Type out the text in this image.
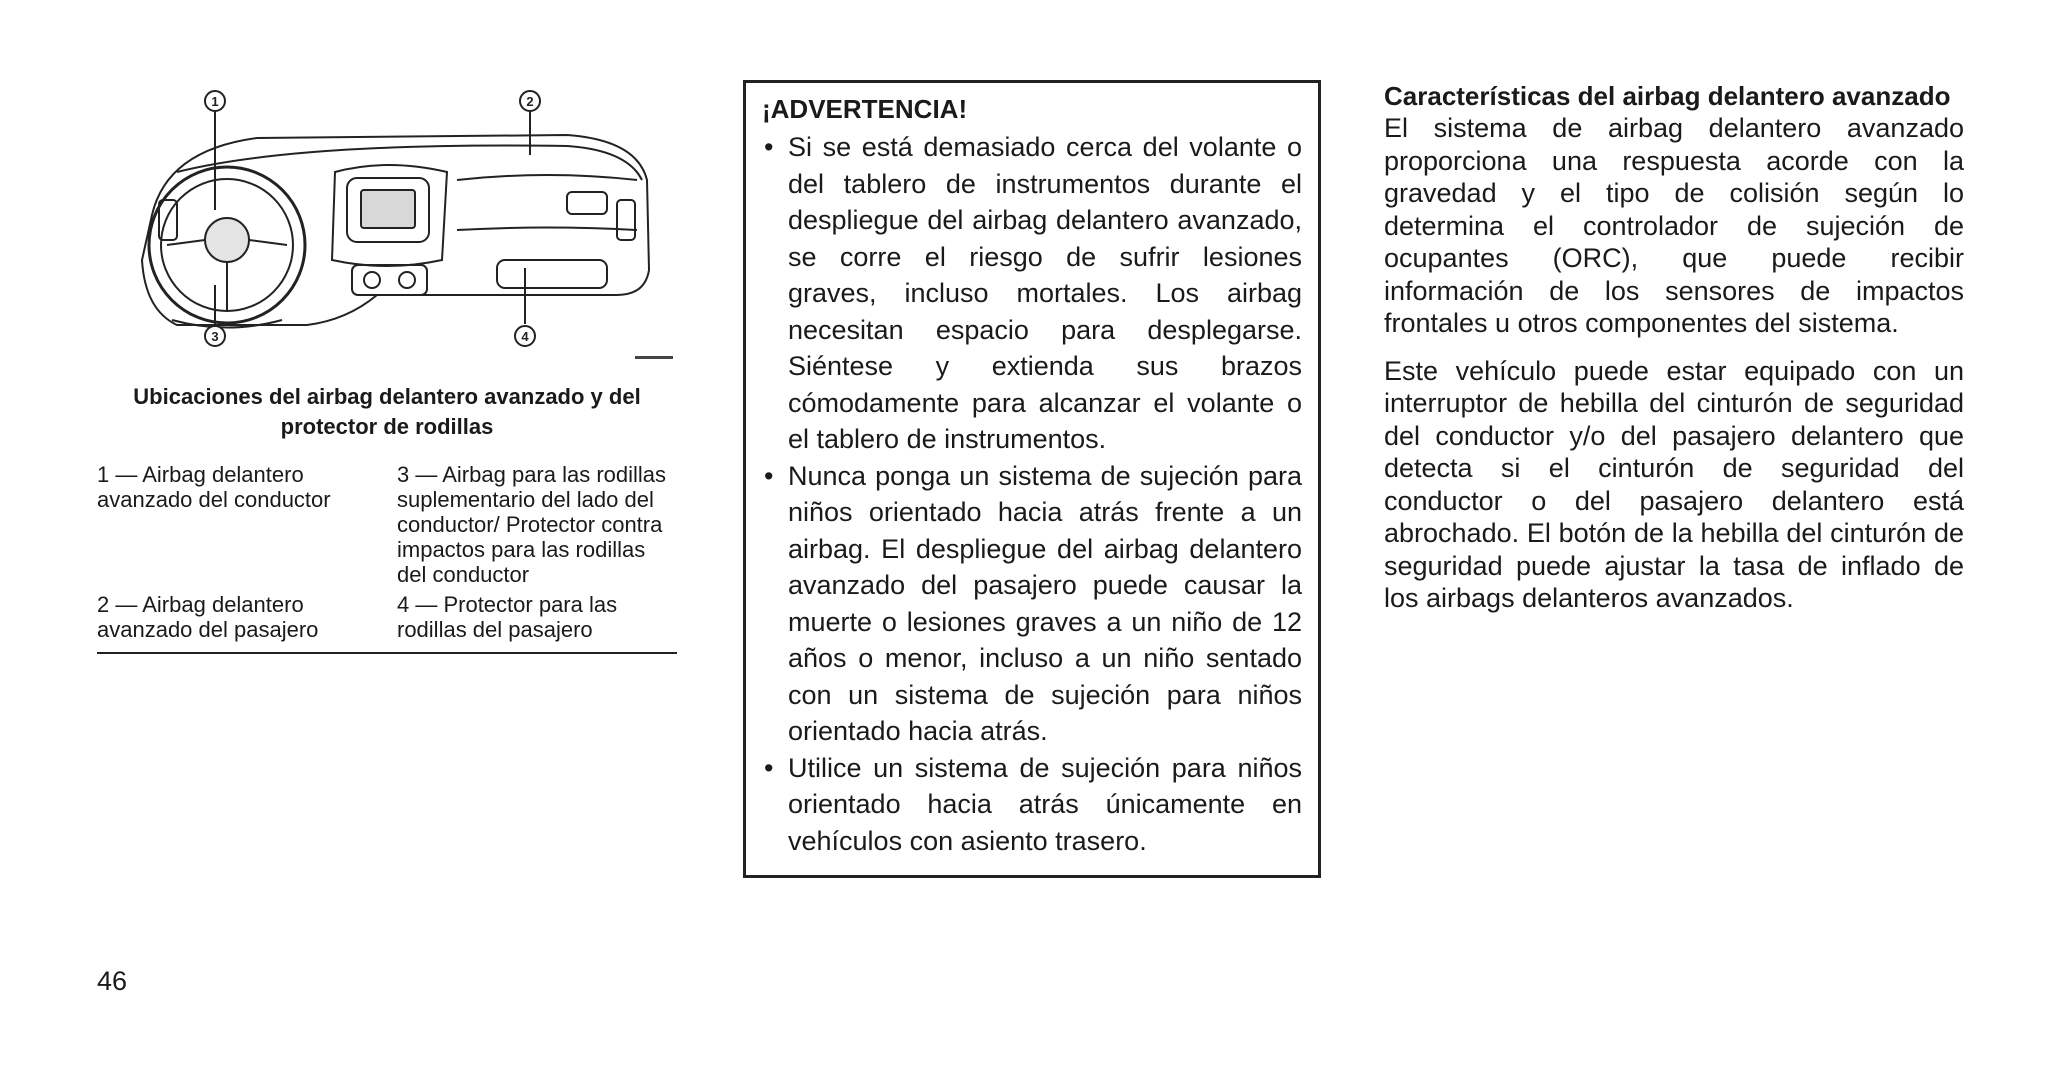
1	2
3	4
Ubicaciones del airbag delantero avanzado y del protector de rodillas
1 — Airbag delantero avanzado del conductor
3 — Airbag para las rodillas suplementario del lado del conductor/ Protector contra impactos para las rodillas del conductor
2 — Airbag delantero avanzado del pasajero
4 — Protector para las rodillas del pasajero
¡ADVERTENCIA!
• Si se está demasiado cerca del volante o del tablero de instrumentos durante el despliegue del airbag delantero avanzado, se corre el riesgo de sufrir lesiones graves, incluso mortales. Los airbag necesitan espacio para desplegarse. Siéntese y extienda sus brazos cómodamente para alcanzar el volante o el tablero de instrumentos.
• Nunca ponga un sistema de sujeción para niños orientado hacia atrás frente a un airbag. El despliegue del airbag delantero avanzado del pasajero puede causar la muerte o lesiones graves a un niño de 12 años o menor, incluso a un niño sentado con un sistema de sujeción para niños orientado hacia atrás.
• Utilice un sistema de sujeción para niños orientado hacia atrás únicamente en vehículos con asiento trasero.
Características del airbag delantero avanzado

El sistema de airbag delantero avanzado proporciona una respuesta acorde con la gravedad y el tipo de colisión según lo determina el controlador de sujeción de ocupantes (ORC), que puede recibir información de los sensores de impactos frontales u otros componentes del sistema.

Este vehículo puede estar equipado con un interruptor de hebilla del cinturón de seguridad del conductor y/o del pasajero delantero que detecta si el cinturón de seguridad del conductor o del pasajero delantero está abrochado. El botón de la hebilla del cinturón de seguridad puede ajustar la tasa de inflado de los airbags delanteros avanzados.

46
